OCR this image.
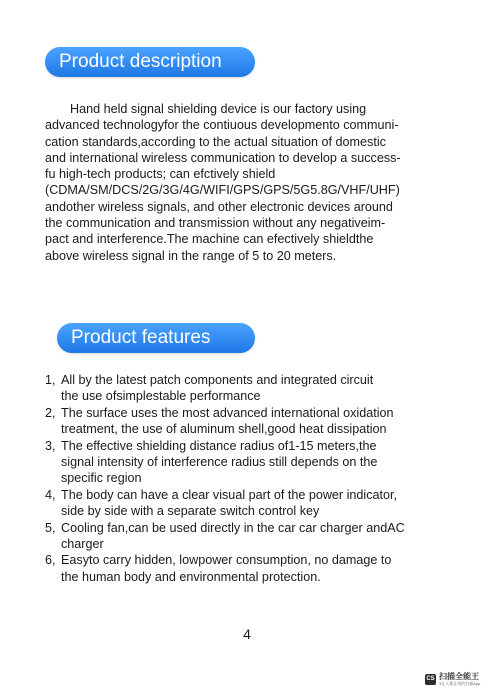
Product description
Hand held signal shielding device is our factory using
advanced technologyfor the contiuous developmento communi-
cation standards,according to the actual situation of domestic
and international wireless communication to develop a success-
fu high-tech products; can efctively shield
(CDMA/SM/DCS/2G/3G/4G/WIFI/GPS/GPS/5G5.8G/VHF/UHF)
andother wireless signals, and other electronic devices around
the communication and transmission without any negativeim-
pact and interference.The machine can efectively shieldthe
above wireless signal in the range of 5 to 20 meters.
Product features
1, All by the latest patch components and integrated circuit
the use ofsimplestable performance
2, The surface uses the most advanced international oxidation
treatment, the use of aluminum shell,good heat dissipation
3, The effective shielding distance radius of1-15 meters,the
signal intensity of interference radius still depends on the
specific region
4, The body can have a clear visual part of the power indicator,
side by side with a separate switch control key
5, Cooling fan,can be used directly in the car car charger andAC
charger
6, Easyto carry hidden, lowpower consumption, no damage to
the human body and environmental protection.
4
CS 扫描全能王
3亿人都在用的扫描App
